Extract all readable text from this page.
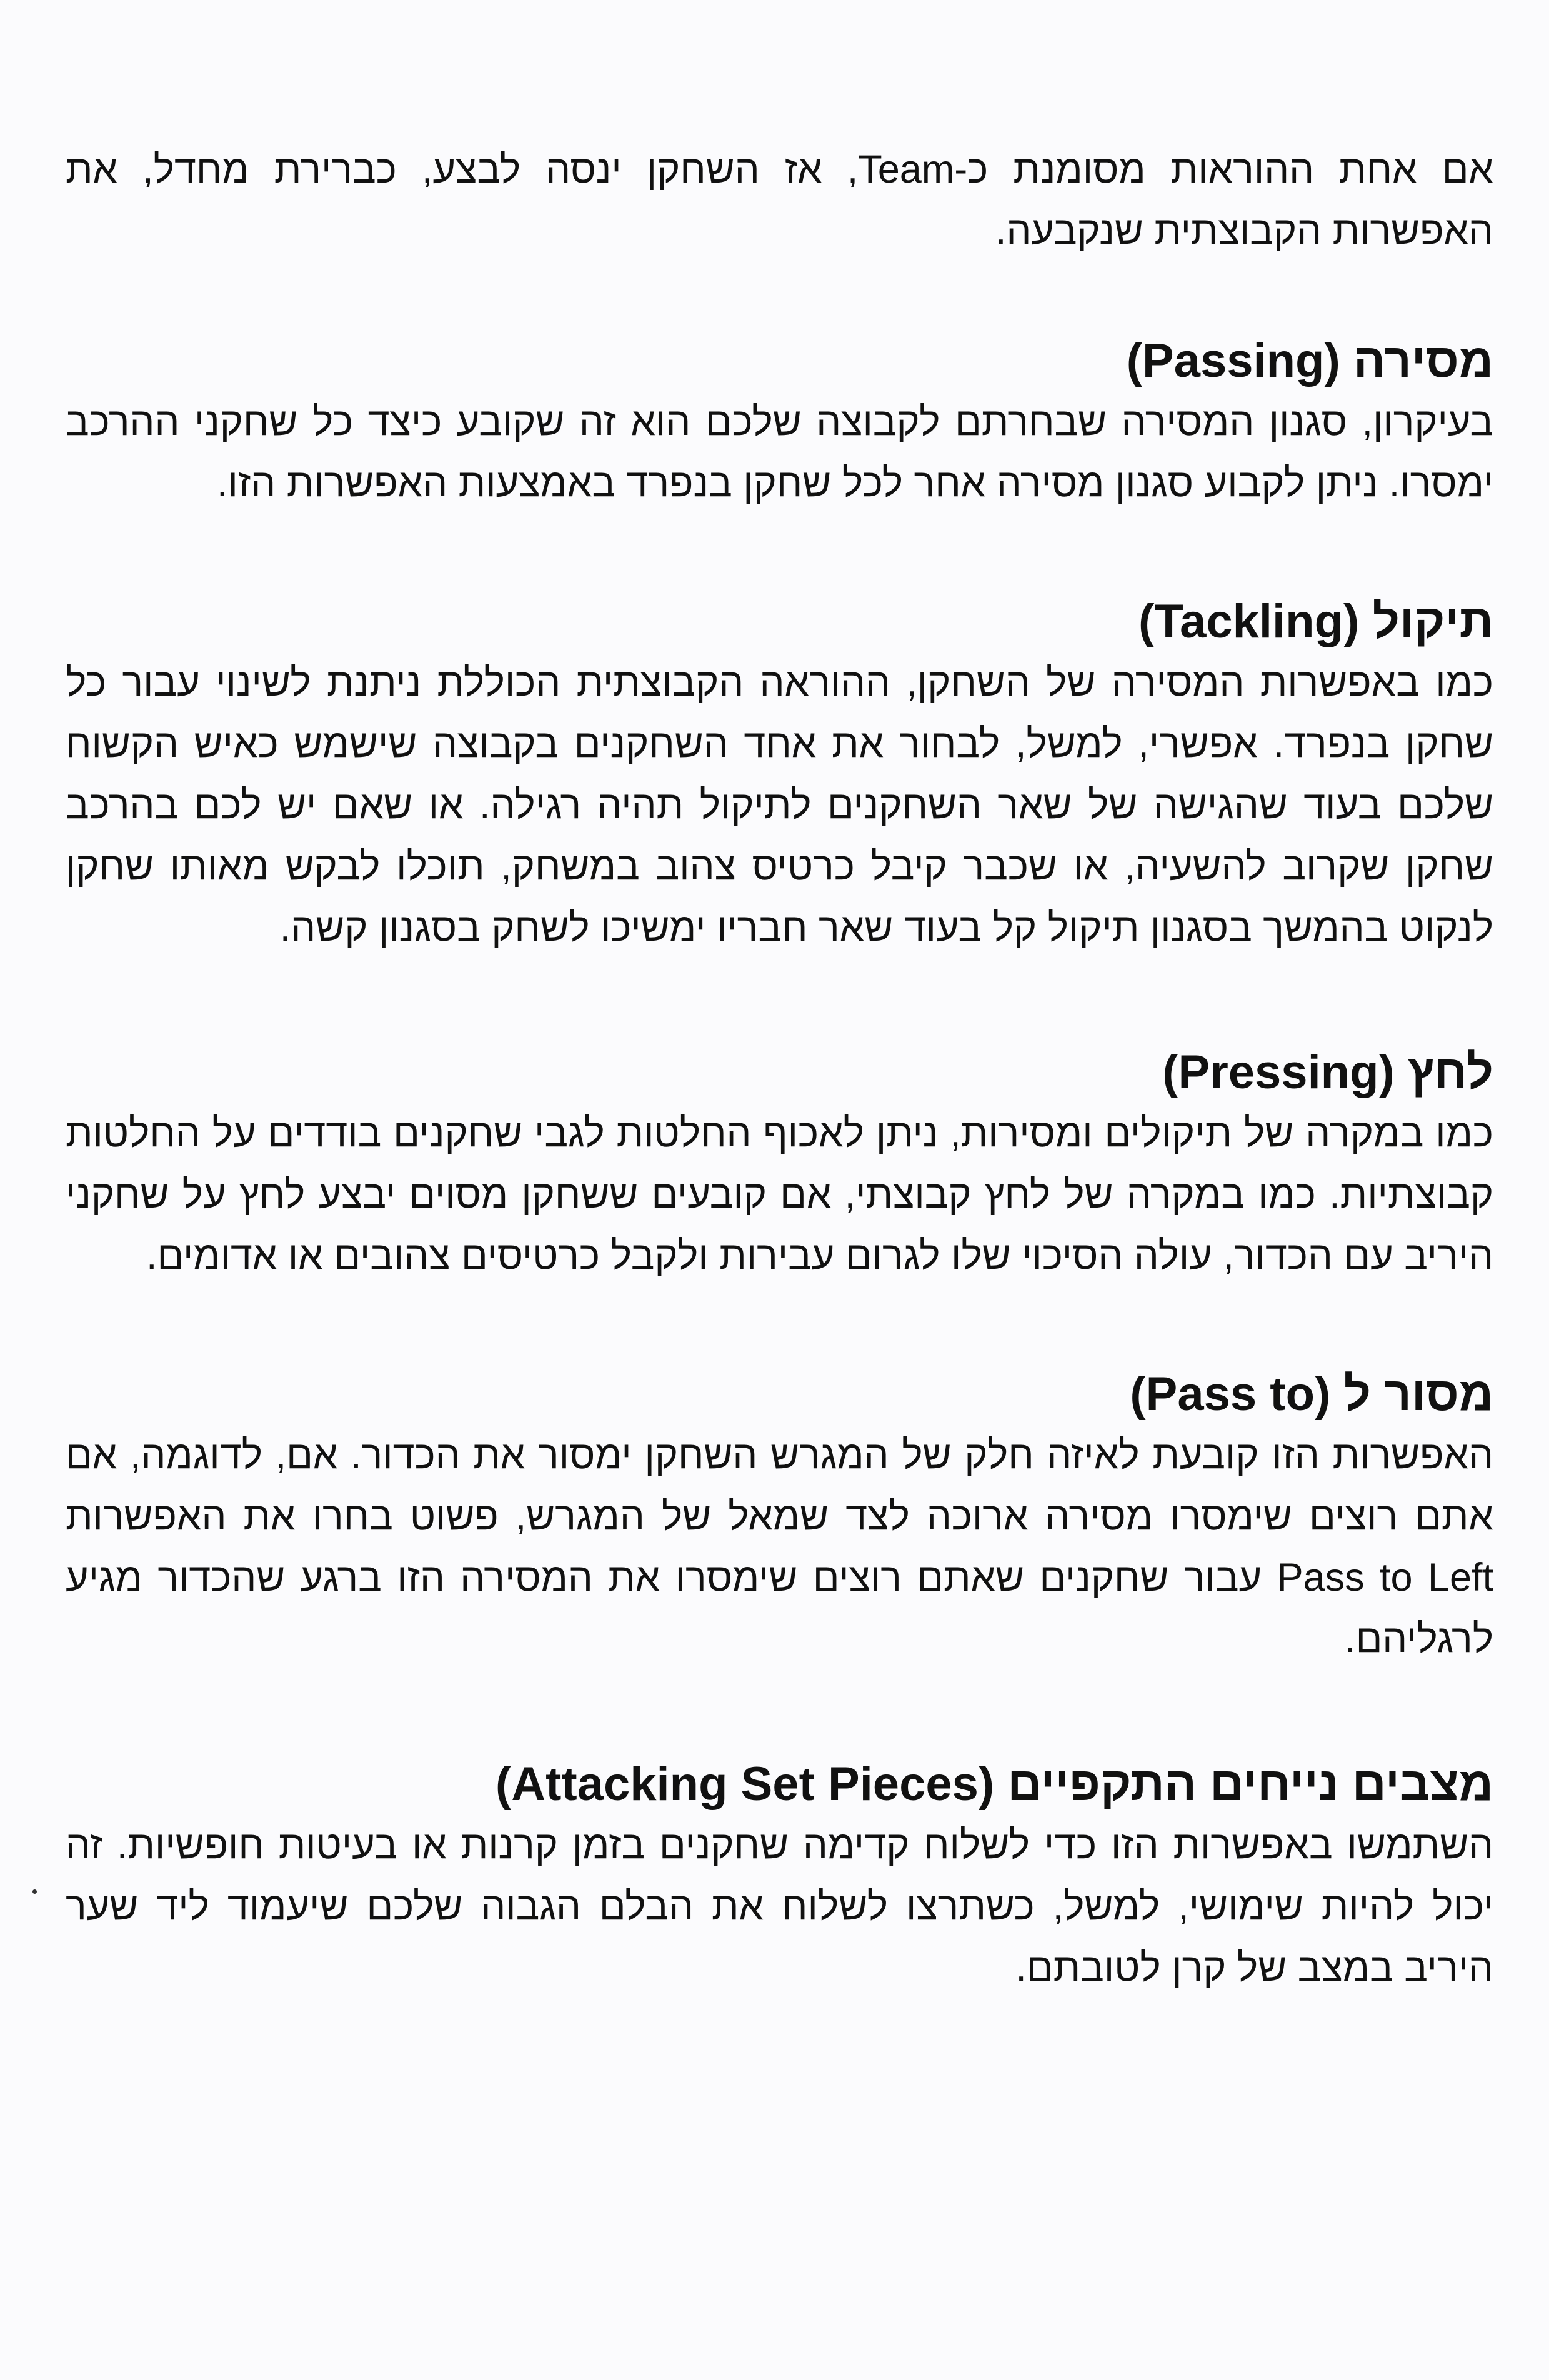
אם אחת ההוראות מסומנת כ-Team, אז השחקן ינסה לבצע, כברירת מחדל, את האפשרות הקבוצתית שנקבעה.

מסירה (Passing)

בעיקרון, סגנון המסירה שבחרתם לקבוצה שלכם הוא זה שקובע כיצד כל שחקני ההרכב ימסרו. ניתן לקבוע סגנון מסירה אחר לכל שחקן בנפרד באמצעות האפשרות הזו.

תיקול (Tackling)

כמו באפשרות המסירה של השחקן, ההוראה הקבוצתית הכוללת ניתנת לשינוי עבור כל שחקן בנפרד. אפשרי, למשל, לבחור את אחד השחקנים בקבוצה שישמש כאיש הקשוח שלכם בעוד שהגישה של שאר השחקנים לתיקול תהיה רגילה. או שאם יש לכם בהרכב שחקן שקרוב להשעיה, או שכבר קיבל כרטיס צהוב במשחק, תוכלו לבקש מאותו שחקן לנקוט בהמשך בסגנון תיקול קל בעוד שאר חבריו ימשיכו לשחק בסגנון קשה.

לחץ (Pressing)

כמו במקרה של תיקולים ומסירות, ניתן לאכוף החלטות לגבי שחקנים בודדים על החלטות קבוצתיות. כמו במקרה של לחץ קבוצתי, אם קובעים ששחקן מסוים יבצע לחץ על שחקני היריב עם הכדור, עולה הסיכוי שלו לגרום עבירות ולקבל כרטיסים צהובים או אדומים.

מסור ל (Pass to)

האפשרות הזו קובעת לאיזה חלק של המגרש השחקן ימסור את הכדור. אם, לדוגמה, אם אתם רוצים שימסרו מסירה ארוכה לצד שמאל של המגרש, פשוט בחרו את האפשרות Pass to Left עבור שחקנים שאתם רוצים שימסרו את המסירה הזו ברגע שהכדור מגיע לרגליהם.

מצבים נייחים התקפיים (Attacking Set Pieces)

השתמשו באפשרות הזו כדי לשלוח קדימה שחקנים בזמן קרנות או בעיטות חופשיות. זה יכול להיות שימושי, למשל, כשתרצו לשלוח את הבלם הגבוה שלכם שיעמוד ליד שער היריב במצב של קרן לטובתם.
